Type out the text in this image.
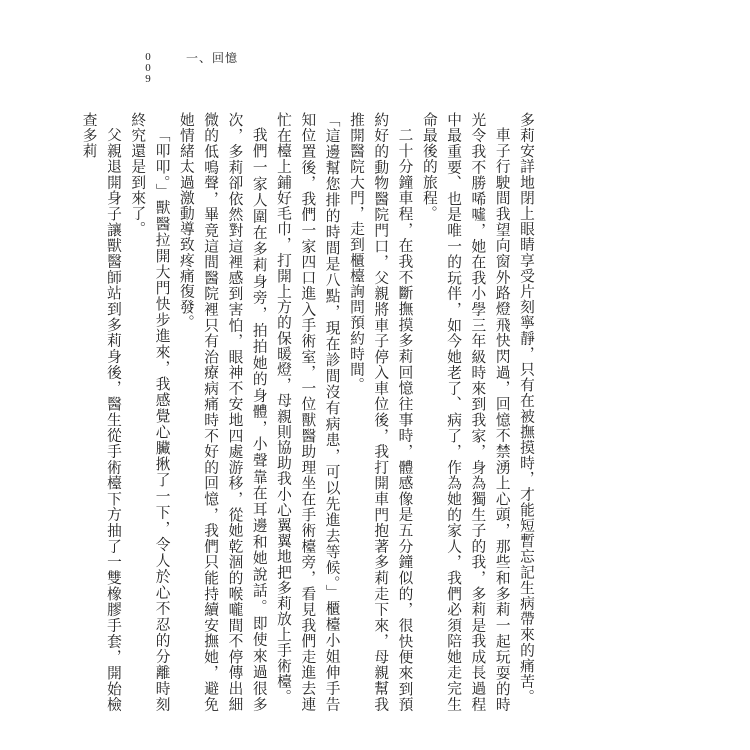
009
一、回憶

多莉安詳地閉上眼睛享受片刻寧靜，只有在被撫摸時，才能短暫忘記生病帶來的痛苦。

車子行駛間我望向窗外路燈飛快閃過，回憶不禁湧上心頭，那些和多莉一起玩耍的時光令我不勝唏噓，她在我小學三年級時來到我家，身為獨生子的我，多莉是我成長過程中最重要、也是唯一的玩伴，如今她老了、病了，作為她的家人，我們必須陪她走完生命最後的旅程。

二十分鐘車程，在我不斷撫摸多莉回憶往事時，體感像是五分鐘似的，很快便來到預約好的動物醫院門口，父親將車子停入車位後，我打開車門抱著多莉走下來，母親幫我推開醫院大門，走到櫃檯詢問預約時間。

「這邊幫您排的時間是八點，現在診間沒有病患，可以先進去等候。」櫃檯小姐伸手告知位置後，我們一家四口進入手術室，一位獸醫助理坐在手術檯旁，看見我們走進去連忙在檯上鋪好毛巾，打開上方的保暖燈，母親則協助我小心翼翼地把多莉放上手術檯。

我們一家人圍在多莉身旁，拍拍她的身體，小聲靠在耳邊和她說話。即使來過很多次，多莉卻依然對這裡感到害怕，眼神不安地四處游移，從她乾涸的喉嚨間不停傳出細微的低鳴聲，畢竟這間醫院裡只有治療病痛時不好的回憶，我們只能持續安撫她，避免她情緒太過激動導致疼痛復發。

「叩叩。」獸醫拉開大門快步進來，我感覺心臟揪了一下，令人於心不忍的分離時刻終究還是到來了。

父親退開身子讓獸醫師站到多莉身後，醫生從手術檯下方抽了一雙橡膠手套，開始檢查多莉
